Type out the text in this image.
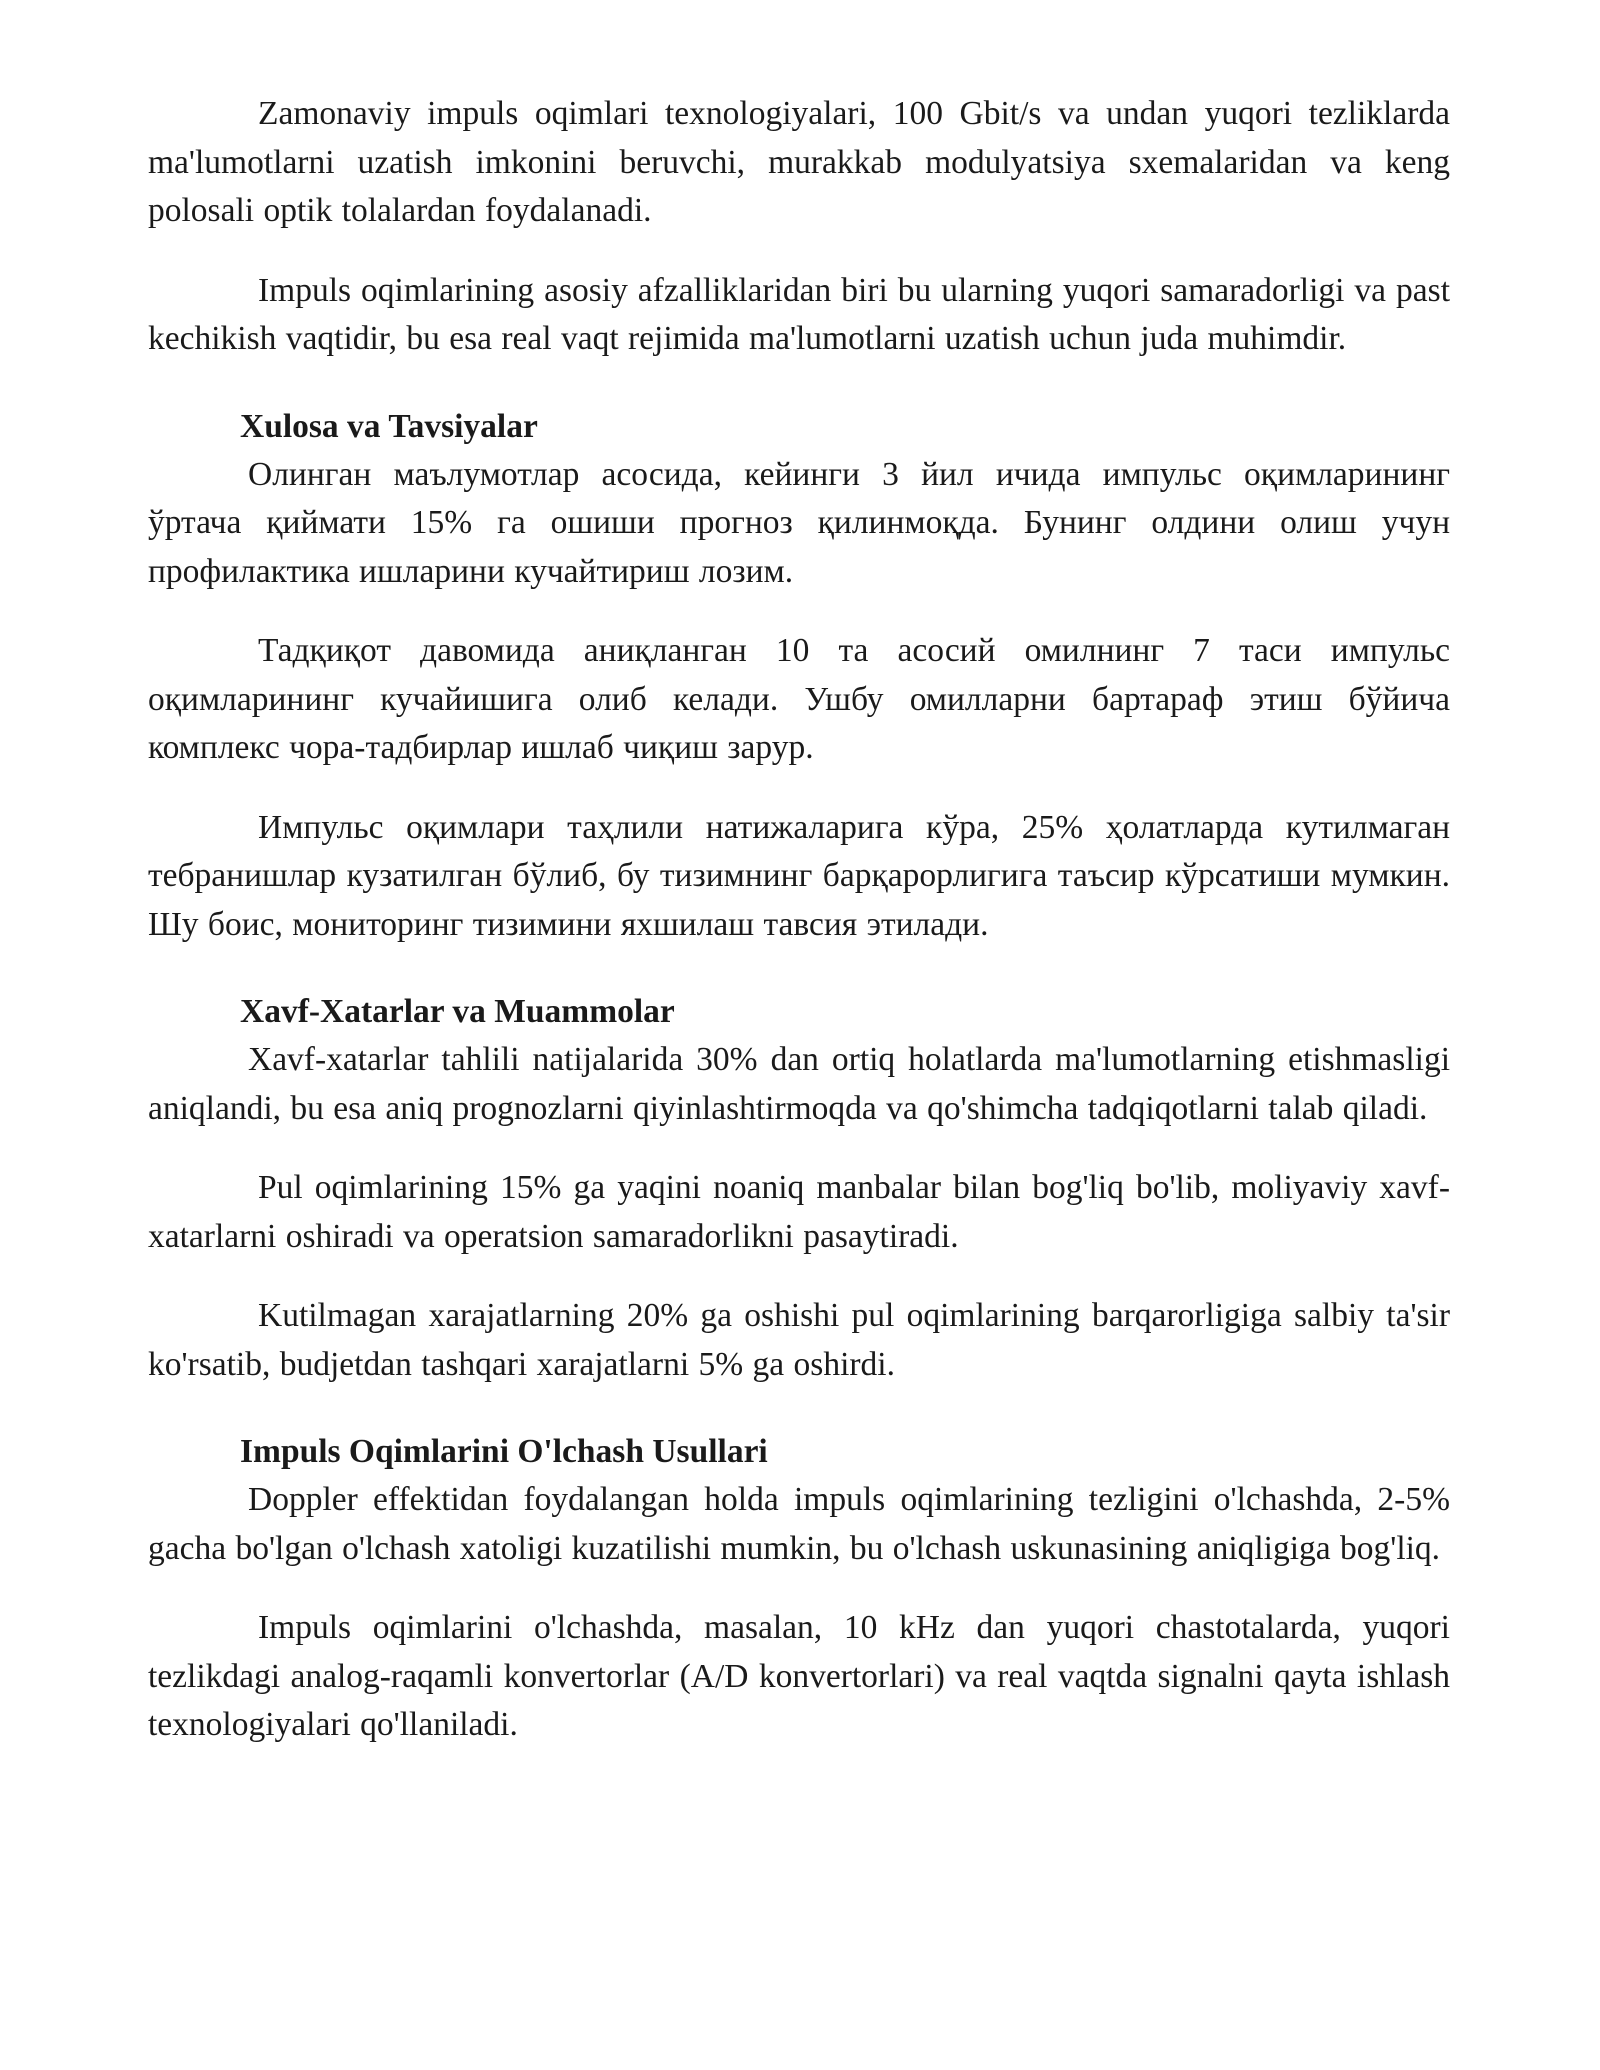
Zamonaviy impuls oqimlari texnologiyalari, 100 Gbit/s va undan yuqori tezliklarda ma'lumotlarni uzatish imkonini beruvchi, murakkab modulyatsiya sxemalaridan va keng polosali optik tolalardan foydalanadi.

Impuls oqimlarining asosiy afzalliklaridan biri bu ularning yuqori samaradorligi va past kechikish vaqtidir, bu esa real vaqt rejimida ma'lumotlarni uzatish uchun juda muhimdir.

Xulosa va Tavsiyalar

Олинган маълумотлар асосида, кейинги 3 йил ичида импульс оқимларининг ўртача қиймати 15% га ошиши прогноз қилинмоқда. Бунинг олдини олиш учун профилактика ишларини кучайтириш лозим.

Тадқиқот давомида аниқланган 10 та асосий омилнинг 7 таси импульс оқимларининг кучайишига олиб келади. Ушбу омилларни бартараф этиш бўйича комплекс чора-тадбирлар ишлаб чиқиш зарур.

Импульс оқимлари таҳлили натижаларига кўра, 25% ҳолатларда кутилмаган тебранишлар кузатилган бўлиб, бу тизимнинг барқарорлигига таъсир кўрсатиши мумкин. Шу боис, мониторинг тизимини яхшилаш тавсия этилади.

Xavf-Xatarlar va Muammolar

Xavf-xatarlar tahlili natijalarida 30% dan ortiq holatlarda ma'lumotlarning etishmasligi aniqlandi, bu esa aniq prognozlarni qiyinlashtirmoqda va qo'shimcha tadqiqotlarni talab qiladi.

Pul oqimlarining 15% ga yaqini noaniq manbalar bilan bog'liq bo'lib, moliyaviy xavf-xatarlarni oshiradi va operatsion samaradorlikni pasaytiradi.

Kutilmagan xarajatlarning 20% ga oshishi pul oqimlarining barqarorligiga salbiy ta'sir ko'rsatib, budjetdan tashqari xarajatlarni 5% ga oshirdi.

Impuls Oqimlarini O'lchash Usullari

Doppler effektidan foydalangan holda impuls oqimlarining tezligini o'lchashda, 2-5% gacha bo'lgan o'lchash xatoligi kuzatilishi mumkin, bu o'lchash uskunasining aniqligiga bog'liq.

Impuls oqimlarini o'lchashda, masalan, 10 kHz dan yuqori chastotalarda, yuqori tezlikdagi analog-raqamli konvertorlar (A/D konvertorlari) va real vaqtda signalni qayta ishlash texnologiyalari qo'llaniladi.
